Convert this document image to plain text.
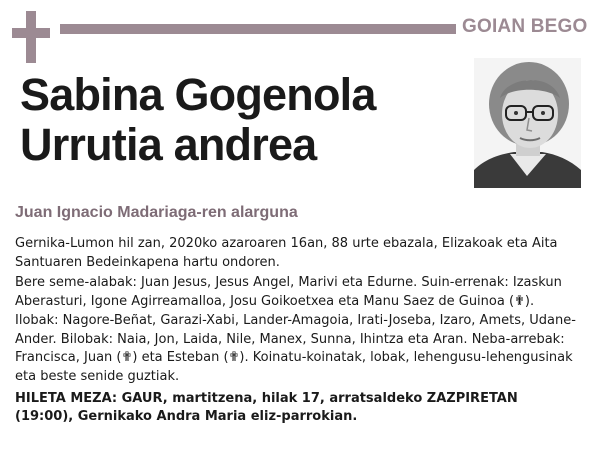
GOIAN BEGO
Sabina Gogenola
Urrutia andrea
Juan Ignacio Madariaga-ren alarguna

Gernika-Lumon hil zan, 2020ko azaroaren 16an, 88 urte ebazala, Elizakoak eta Aita Santuaren Bedeinkapena hartu ondoren.

Bere seme-alabak: Juan Jesus, Jesus Angel, Marivi eta Edurne. Suin-errenak: Izaskun Aberasturi, Igone Agirreamalloa, Josu Goikoetxea eta Manu Saez de Guinoa (✟). Ilobak: Nagore-Beñat, Garazi-Xabi, Lander-Amagoia, Irati-Joseba, Izaro, Amets, Udane-Ander. Bilobak: Naia, Jon, Laida, Nile, Manex, Sunna, Ihintza eta Aran. Neba-arrebak: Francisca, Juan (✟) eta Esteban (✟). Koinatu-koinatak, lobak, lehengusu-lehengusinak eta beste senide guztiak.

HILETA MEZA: GAUR, martitzena, hilak 17, arratsaldeko ZAZPIRETAN (19:00), Gernikako Andra Maria eliz-parrokian.
